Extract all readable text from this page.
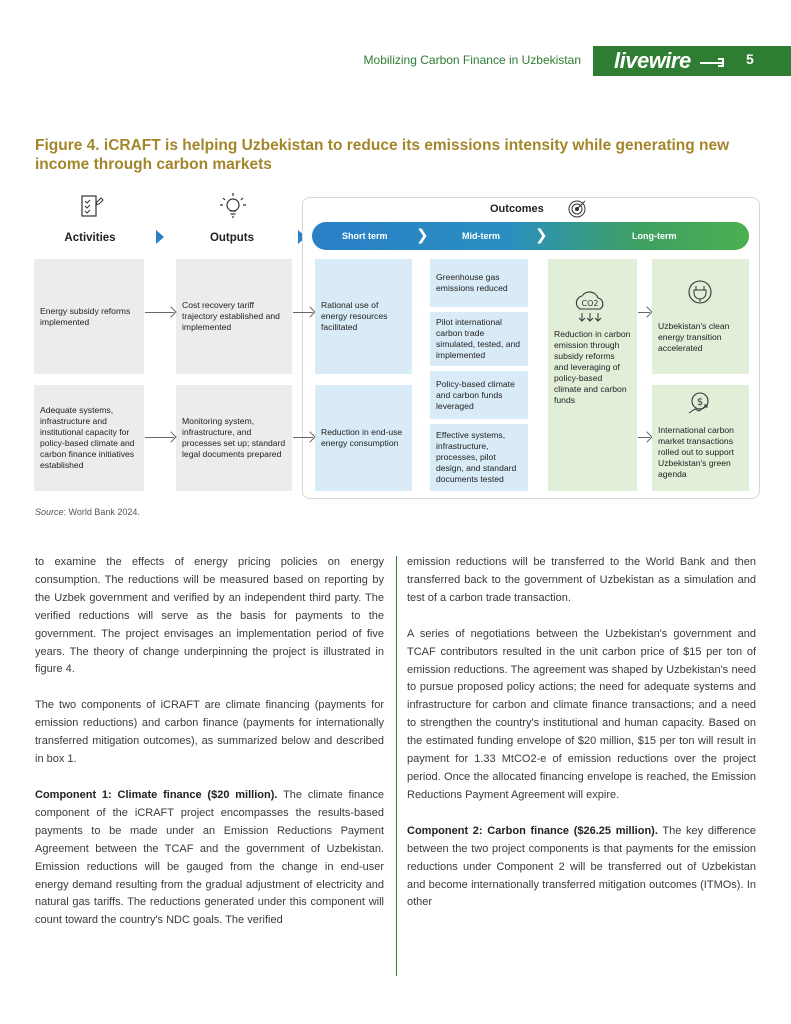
Mobilizing Carbon Finance in Uzbekistan livewire	5
Figure 4. iCRAFT is helping Uzbekistan to reduce its emissions intensity while generating new income through carbon markets
Activities	Outputs
Outcomes
Short term ❯	Mid-term ❯	Long-term
Energy subsidy reforms implemented
Adequate systems, infrastructure and institutional capacity for policy-based climate and carbon finance initiatives established
Cost recovery tariff trajectory established and implemented
Monitoring system, infrastructure, and processes set up; standard legal documents prepared
Rational use of energy resources facilitated
Reduction in end-use energy consumption
Greenhouse gas emissions reduced
Pilot international carbon trade simulated, tested, and implemented
Policy-based climate and carbon funds leveraged
Effective systems, infrastructure, processes, pilot design, and standard documents tested
Reduction in carbon emission through subsidy reforms and leveraging of policy-based climate and carbon funds
CO2
Uzbekistan's clean energy transition accelerated
International carbon market transactions rolled out to support Uzbekistan's green agenda
$
Source: World Bank 2024.

to examine the effects of energy pricing policies on energy consumption. The reductions will be measured based on reporting by the Uzbek government and verified by an independent third party. The verified reductions will serve as the basis for payments to the government. The project envisages an implementation period of five years. The theory of change underpinning the project is illustrated in figure 4.

The two components of iCRAFT are climate financing (payments for emission reductions) and carbon finance (payments for internationally transferred mitigation outcomes), as summarized below and described in box 1.

Component 1: Climate finance ($20 million). The climate finance component of the iCRAFT project encompasses the results-based payments to be made under an Emission Reductions Payment Agreement between the TCAF and the government of Uzbekistan. Emission reductions will be gauged from the change in end-user energy demand resulting from the gradual adjustment of electricity and natural gas tariffs. The reductions generated under this component will count toward the country's NDC goals. The verified

emission reductions will be transferred to the World Bank and then transferred back to the government of Uzbekistan as a simulation and test of a carbon trade transaction.

A series of negotiations between the Uzbekistan's government and TCAF contributors resulted in the unit carbon price of $15 per ton of emission reductions. The agreement was shaped by Uzbekistan's need to pursue proposed policy actions; the need for adequate systems and infrastructure for carbon and climate finance transactions; and a need to strengthen the country's institutional and human capacity. Based on the estimated funding envelope of $20 million, $15 per ton will result in payment for 1.33 MtCO2-e of emission reductions over the project period. Once the allocated financing envelope is reached, the Emission Reductions Payment Agreement will expire.

Component 2: Carbon finance ($26.25 million). The key difference between the two project components is that payments for the emission reductions under Component 2 will be transferred out of Uzbekistan and become internationally transferred mitigation outcomes (ITMOs). In other
